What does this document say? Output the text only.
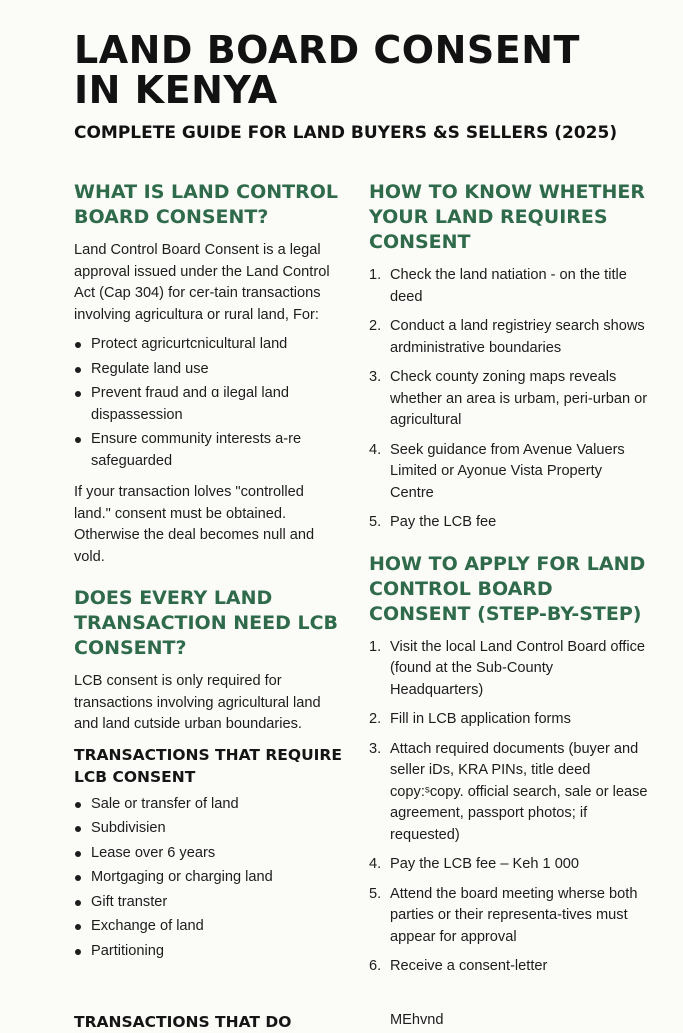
LAND BOARD CONSENT
IN KENYA
COMPLETE GUIDE FOR LAND BUYERS &S SELLERS (2025)
WHAT IS LAND CONTROL BOARD CONSENT?

Land Control Board Consent is a legal approval issued under the Land Control Act (Cap 304) for cer-tain transactions involving agricultura or rural land, For:

Protect agricurtcnicultural land
Regulate land use
Prevent fraud and ɑ ilegal land dispassession
Ensure community interests a-re safeguarded

If your transaction lolves "controlled land." consent must be obtained. Otherwise the deal becomes null and vold.

DOES EVERY LAND TRANSACTION NEED LCB CONSENT?

LCB consent is only required for transactions involving agricultural land and land cutside urban boundaries.

TRANSACTIONS THAT REQUIRE LCB CONSENT
Sale or transfer of land
Subdivisien
Lease over 6 years
Mortgaging or charging land
Gift transter
Exchange of land
Partitioning
TRANSACTIONS THAT DO
HOW TO KNOW WHETHER YOUR LAND REQUIRES CONSENT
1. Check the land natiation - on the title deed
2. Conduct a land registriey search shows ardministrative boundaries
3. Check county zoning maps reveals whether an area is urbam, peri-urban or agricultural
4. Seek guidance from Avenue Valuers Limited or Ayonue Vista Property Centre
5. Pay the LCB fee
HOW TO APPLY FOR LAND CONTROL BOARD CONSENT (STEP-BY-STEP)
1. Visit the local Land Control Board office (found at the Sub-County Headquarters)
2. Fill in LCB application forms
3. Attach required documents (buyer and seller iDs, KRA PINs, title deed copy:ˢcopy. official search, sale or lease agreement, passport photos; if requested)
4. Pay the LCB fee – Keh 1 000
5. Attend the board meeting wherse both parties or their representa-tives must appear for approval
6. Receive a consent-letter
MEhvnd
